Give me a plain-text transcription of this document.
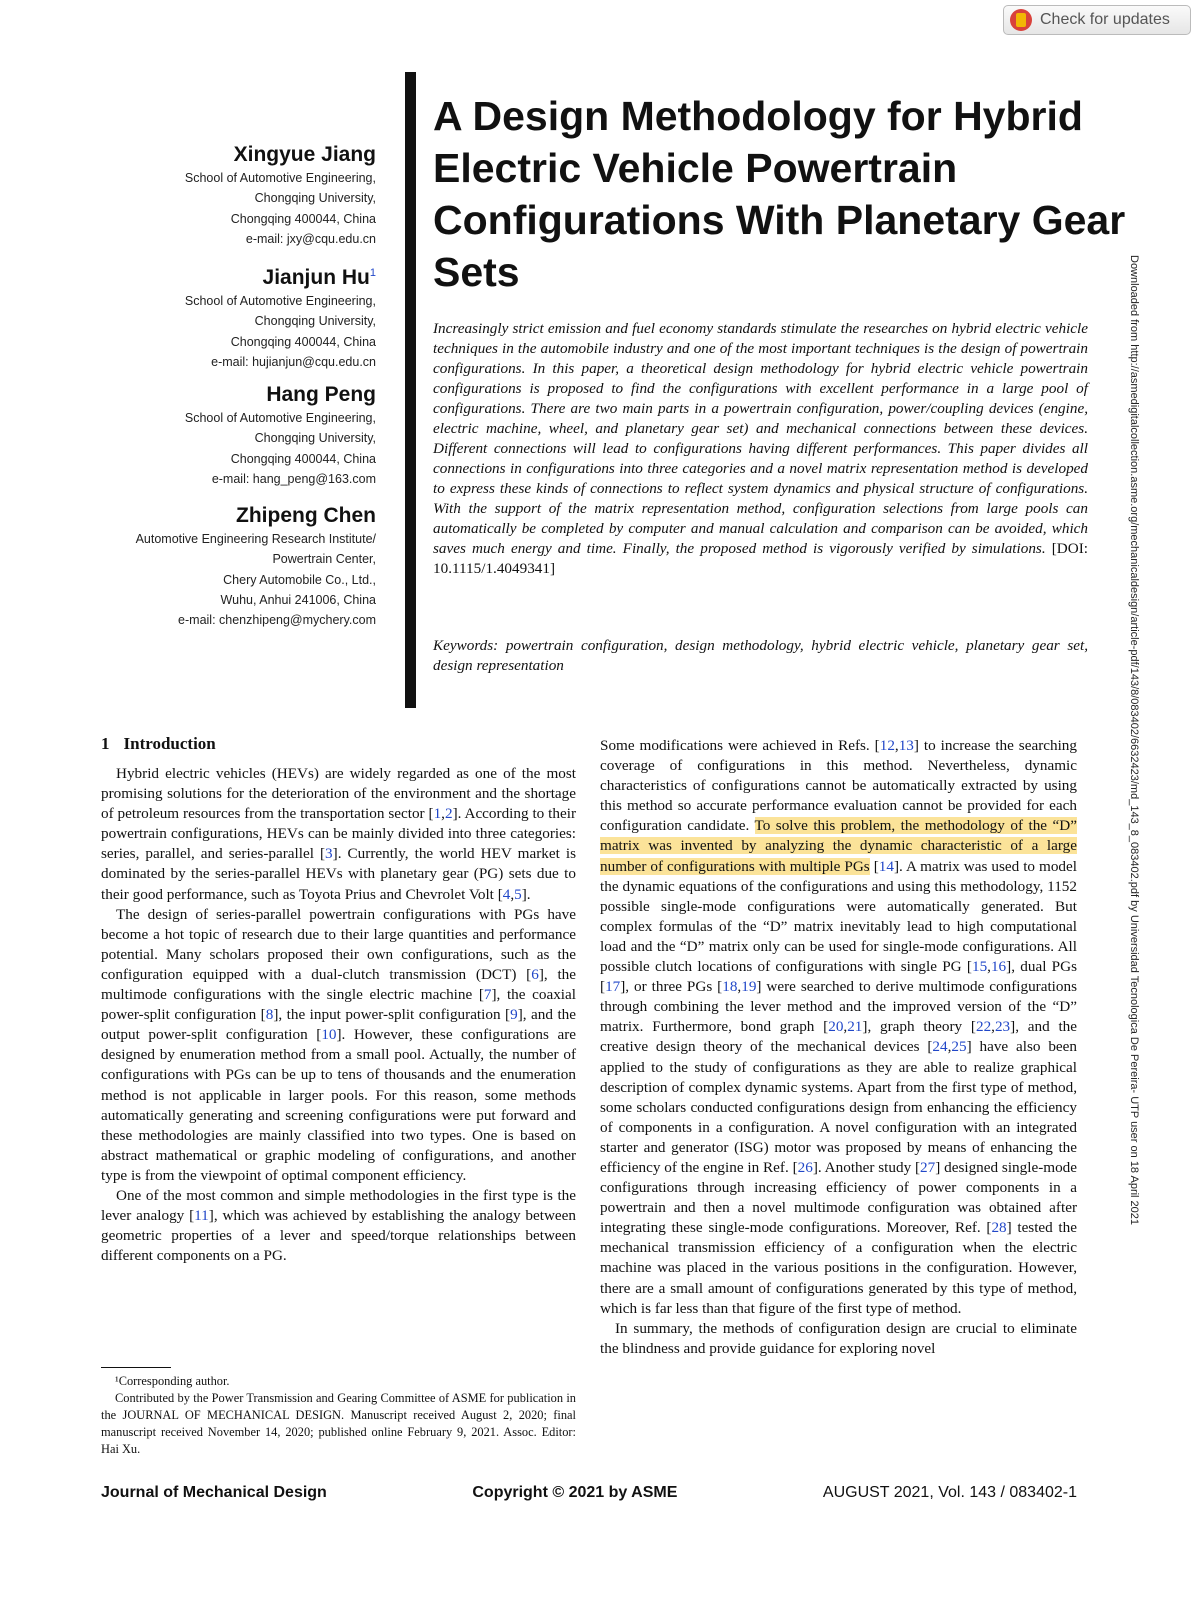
Check for updates
Xingyue Jiang
School of Automotive Engineering,
Chongqing University,
Chongqing 400044, China
e-mail: jxy@cqu.edu.cn
Jianjun Hu$^1$
School of Automotive Engineering,
Chongqing University,
Chongqing 400044, China
e-mail: hujianjun@cqu.edu.cn
Hang Peng
School of Automotive Engineering,
Chongqing University,
Chongqing 400044, China
e-mail: hang_peng@163.com
Zhipeng Chen
Automotive Engineering Research Institute/
Powertrain Center,
Chery Automobile Co., Ltd.,
Wuhu, Anhui 241006, China
e-mail: chenzhipeng@mychery.com
A Design Methodology for Hybrid Electric Vehicle Powertrain Configurations With Planetary Gear Sets
Increasingly strict emission and fuel economy standards stimulate the researches on hybrid electric vehicle techniques in the automobile industry and one of the most important techniques is the design of powertrain configurations. In this paper, a theoretical design methodology for hybrid electric vehicle powertrain configurations is proposed to find the configurations with excellent performance in a large pool of configurations. There are two main parts in a powertrain configuration, power/coupling devices (engine, electric machine, wheel, and planetary gear set) and mechanical connections between these devices. Different connections will lead to configurations having different performances. This paper divides all connections in configurations into three categories and a novel matrix representation method is developed to express these kinds of connections to reflect system dynamics and physical structure of configurations. With the support of the matrix representation method, configuration selections from large pools can automatically be completed by computer and manual calculation and comparison can be avoided, which saves much energy and time. Finally, the proposed method is vigorously verified by simulations. [DOI: 10.1115/1.4049341]
Keywords: powertrain configuration, design methodology, hybrid electric vehicle, planetary gear set, design representation	Downloaded from http://asmedigitalcollection.asme.org/mechanicaldesign/article-pdf/143/8/083402/6632423/md_143_8_083402.pdf by Universidad Tecnologica De Pereira- UTP user on 18 April 2021
1 Introduction

Hybrid electric vehicles (HEVs) are widely regarded as one of the most promising solutions for the deterioration of the environment and the shortage of petroleum resources from the transportation sector [1,2]. According to their powertrain configurations, HEVs can be mainly divided into three categories: series, parallel, and series-parallel [3]. Currently, the world HEV market is dominated by the series-parallel HEVs with planetary gear (PG) sets due to their good performance, such as Toyota Prius and Chevrolet Volt [4,5].

The design of series-parallel powertrain configurations with PGs have become a hot topic of research due to their large quantities and performance potential. Many scholars proposed their own configurations, such as the configuration equipped with a dual-clutch transmission (DCT) [6], the multimode configurations with the single electric machine [7], the coaxial power-split configuration [8], the input power-split configuration [9], and the output power-split configuration [10]. However, these configurations are designed by enumeration method from a small pool. Actually, the number of configurations with PGs can be up to tens of thousands and the enumeration method is not applicable in larger pools. For this reason, some methods automatically generating and screening configurations were put forward and these methodologies are mainly classified into two types. One is based on abstract mathematical or graphic modeling of configurations, and another type is from the viewpoint of optimal component efficiency.

One of the most common and simple methodologies in the first type is the lever analogy [11], which was achieved by establishing the analogy between geometric properties of a lever and speed/torque relationships between different components on a PG.

Some modifications were achieved in Refs. [12,13] to increase the searching coverage of configurations in this method. Nevertheless, dynamic characteristics of configurations cannot be automatically extracted by using this method so accurate performance evaluation cannot be provided for each configuration candidate. To solve this problem, the methodology of the “D” matrix was invented by analyzing the dynamic characteristic of a large number of configurations with multiple PGs [14]. A matrix was used to model the dynamic equations of the configurations and using this methodology, 1152 possible single-mode configurations were automatically generated. But complex formulas of the “D” matrix inevitably lead to high computational load and the “D” matrix only can be used for single-mode configurations. All possible clutch locations of configurations with single PG [15,16], dual PGs [17], or three PGs [18,19] were searched to derive multimode configurations through combining the lever method and the improved version of the “D” matrix. Furthermore, bond graph [20,21], graph theory [22,23], and the creative design theory of the mechanical devices [24,25] have also been applied to the study of configurations as they are able to realize graphical description of complex dynamic systems. Apart from the first type of method, some scholars conducted configurations design from enhancing the efficiency of components in a configuration. A novel configuration with an integrated starter and generator (ISG) motor was proposed by means of enhancing the efficiency of the engine in Ref. [26]. Another study [27] designed single-mode configurations through increasing efficiency of power components in a powertrain and then a novel multimode configuration was obtained after integrating these single-mode configurations. Moreover, Ref. [28] tested the mechanical transmission efficiency of a configuration when the electric machine was placed in the various positions in the configuration. However, there are a small amount of configurations generated by this type of method, which is far less than that figure of the first type of method.

In summary, the methods of configuration design are crucial to eliminate the blindness and provide guidance for exploring novel

¹Corresponding author.

Contributed by the Power Transmission and Gearing Committee of ASME for publication in the JOURNAL OF MECHANICAL DESIGN. Manuscript received August 2, 2020; final manuscript received November 14, 2020; published online February 9, 2021. Assoc. Editor: Hai Xu.

Journal of Mechanical Design	Copyright © 2021 by ASME	AUGUST 2021, Vol. 143 / 083402-1
